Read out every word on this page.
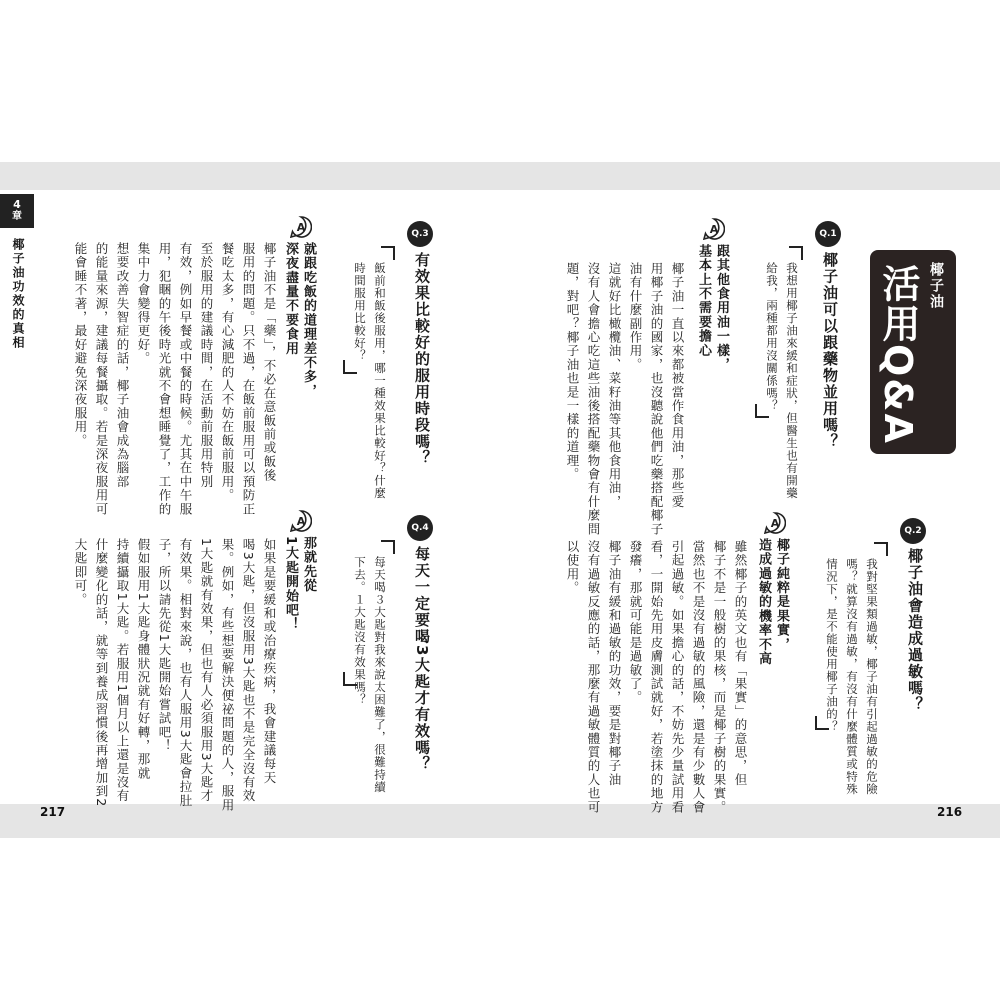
4
章
椰子油功效的真相	活用Q&A 椰子油
Q.1
椰子油可以跟藥物並用嗎？
我想用椰子油來緩和症狀，但醫生也有開藥
給我，兩種都用沒關係嗎？
A
跟其他食用油一樣，
基本上不需要擔心
椰子油一直以來都被當作食用油，那些愛
用椰子油的國家，也沒聽說他們吃藥搭配椰子
油有什麼副作用。
這就好比橄欖油、菜籽油等其他食用油，
沒有人會擔心吃這些油後搭配藥物會有什麼問
題，對吧？椰子油也是一樣的道理。
Q.2
椰子油會造成過敏嗎？
我對堅果類過敏，椰子油有引起過敏的危險
嗎？就算沒有過敏，有沒有什麼體質或特殊
情況下，是不能使用椰子油的？
A
椰子純粹是果實，
造成過敏的機率不高
雖然椰子的英文也有「果實」的意思，但
椰子不是一般樹的果核，而是椰子樹的果實。
當然也不是沒有過敏的風險，還是有少數人會
引起過敏。如果擔心的話，不妨先少量試用看
看，一開始先用皮膚測試就好，若塗抹的地方
發癢，那就可能是過敏了。
椰子油有緩和過敏的功效，要是對椰子油
沒有過敏反應的話，那麼有過敏體質的人也可
以使用。
Q.3
有效果比較好的服用時段嗎？
飯前和飯後服用，哪一種效果比較好？什麼
時間服用比較好？
A
就跟吃飯的道理差不多，
深夜盡量不要食用
椰子油不是「藥」，不必在意飯前或飯後
服用的問題。只不過，在飯前服用可以預防正
餐吃太多，有心減肥的人不妨在飯前服用。
至於服用的建議時間，在活動前服用特別
有效，例如早餐或中餐的時候。尤其在中午服
用，犯睏的午後時光就不會想睡覺了，工作的
集中力會變得更好。
想要改善失智症的話，椰子油會成為腦部
的能量來源，建議每餐攝取。若是深夜服用可
能會睡不著，最好避免深夜服用。
Q.4
每天一定要喝3大匙才有效嗎？
每天喝３大匙對我來說太困難了，很難持續
下去。１大匙沒有效果嗎？
A
那就先從
1大匙開始吧！
如果是要緩和或治療疾病，我會建議每天
喝3大匙，但沒服用3大匙也不是完全沒有效
果。例如，有些想要解決便祕問題的人，服用
1大匙就有效果，但也有人必須服用3大匙才
有效果。相對來說，也有人服用3大匙會拉肚
子，所以請先從1大匙開始嘗試吧！
假如服用1大匙身體狀況就有好轉，那就
持續攝取1大匙。若服用1個月以上還是沒有
什麼變化的話，就等到養成習慣後再增加到2
大匙即可。
217	216
